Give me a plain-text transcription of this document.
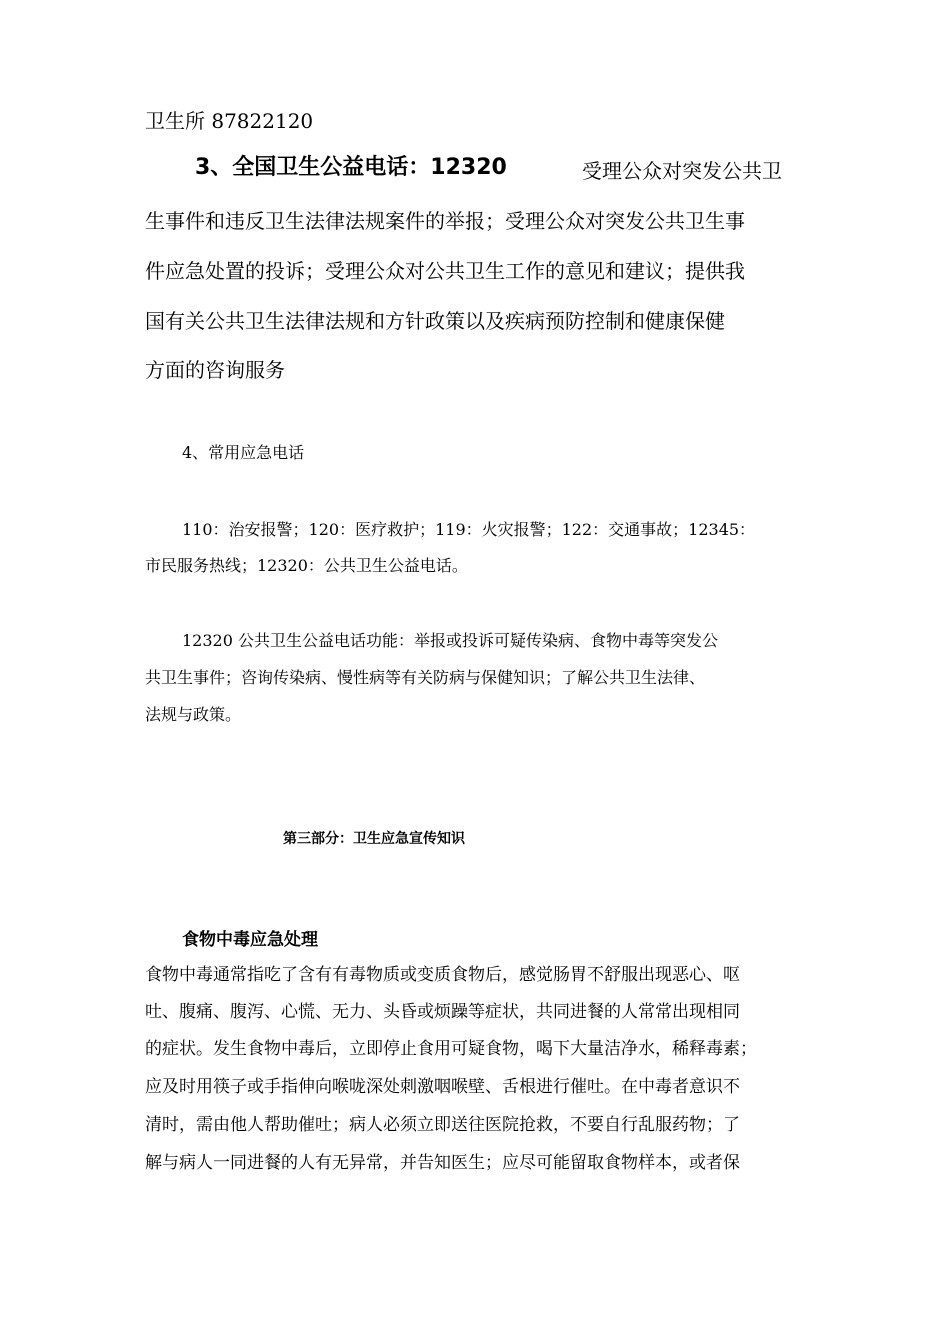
卫生所 87822120
3、全国卫生公益电话：12320	受理公众对突发公共卫
生事件和违反卫生法律法规案件的举报；受理公众对突发公共卫生事
件应急处置的投诉；受理公众对公共卫生工作的意见和建议；提供我
国有关公共卫生法律法规和方针政策以及疾病预防控制和健康保健
方面的咨询服务
4、常用应急电话
110：治安报警；120：医疗救护；119：火灾报警；122：交通事故；12345：
市民服务热线；12320：公共卫生公益电话。
12320 公共卫生公益电话功能：举报或投诉可疑传染病、食物中毒等突发公
共卫生事件；咨询传染病、慢性病等有关防病与保健知识；了解公共卫生法律、
法规与政策。
第三部分：卫生应急宣传知识
食物中毒应急处理
食物中毒通常指吃了含有有毒物质或变质食物后，感觉肠胃不舒服出现恶心、呕
吐、腹痛、腹泻、心慌、无力、头昏或烦躁等症状，共同进餐的人常常出现相同
的症状。发生食物中毒后，立即停止食用可疑食物，喝下大量洁净水，稀释毒素；
应及时用筷子或手指伸向喉咙深处刺激咽喉壁、舌根进行催吐。在中毒者意识不
清时，需由他人帮助催吐；病人必须立即送往医院抢救，不要自行乱服药物；了
解与病人一同进餐的人有无异常，并告知医生；应尽可能留取食物样本，或者保
